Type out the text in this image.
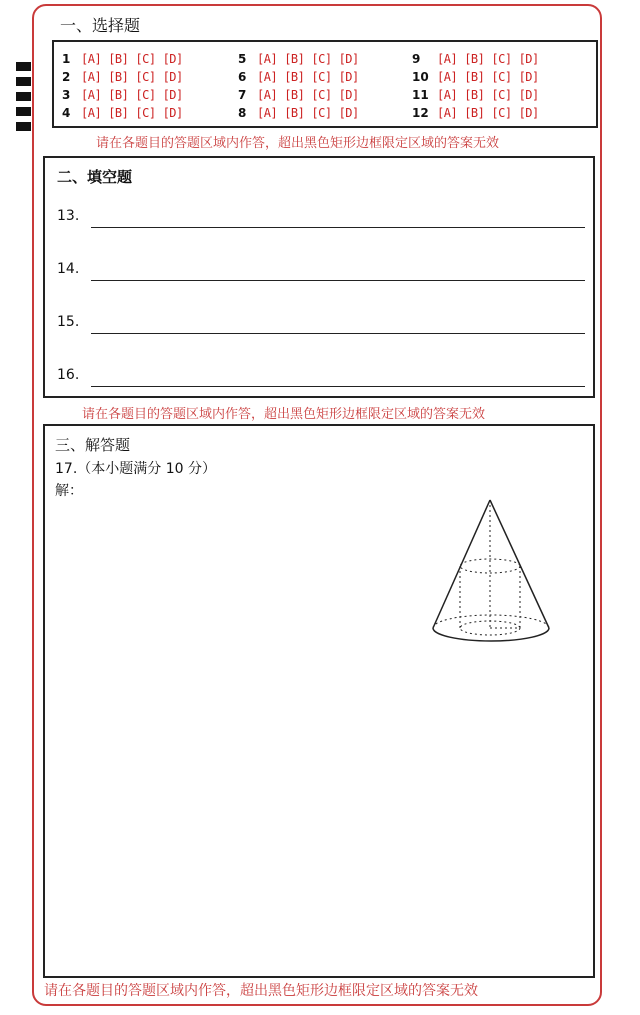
一、选择题
1 [A] [B] [C] [D]
2 [A] [B] [C] [D]
3 [A] [B] [C] [D]
4 [A] [B] [C] [D]
5 [A] [B] [C] [D]
6 [A] [B] [C] [D]
7 [A] [B] [C] [D]
8 [A] [B] [C] [D]
9	[A] [B] [C] [D]
10 [A] [B] [C] [D]
11 [A] [B] [C] [D]
12 [A] [B] [C] [D]
请在各题目的答题区域内作答，超出黑色矩形边框限定区域的答案无效
二、填空题
13.
14.
15.
16.
请在各题目的答题区域内作答，超出黑色矩形边框限定区域的答案无效
三、解答题
17.（本小题满分 10 分）
解：
请在各题目的答题区域内作答，超出黑色矩形边框限定区域的答案无效
